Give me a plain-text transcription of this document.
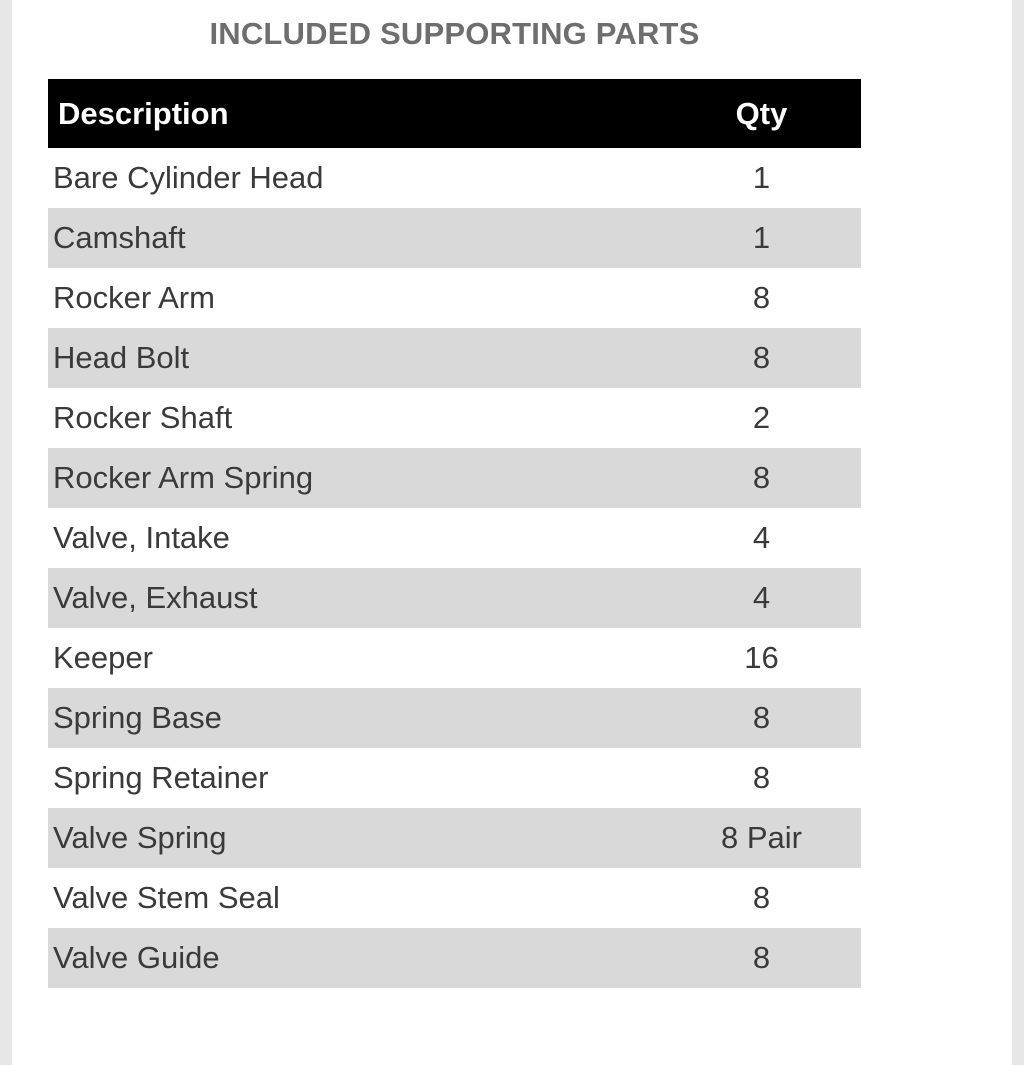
INCLUDED SUPPORTING PARTS
Description	Qty
Bare Cylinder Head	1
Camshaft	1
Rocker Arm	8
Head Bolt	8
Rocker Shaft	2
Rocker Arm Spring	8
Valve, Intake	4
Valve, Exhaust	4
Keeper	16
Spring Base	8
Spring Retainer	8
Valve Spring	8 Pair
Valve Stem Seal	8
Valve Guide	8
